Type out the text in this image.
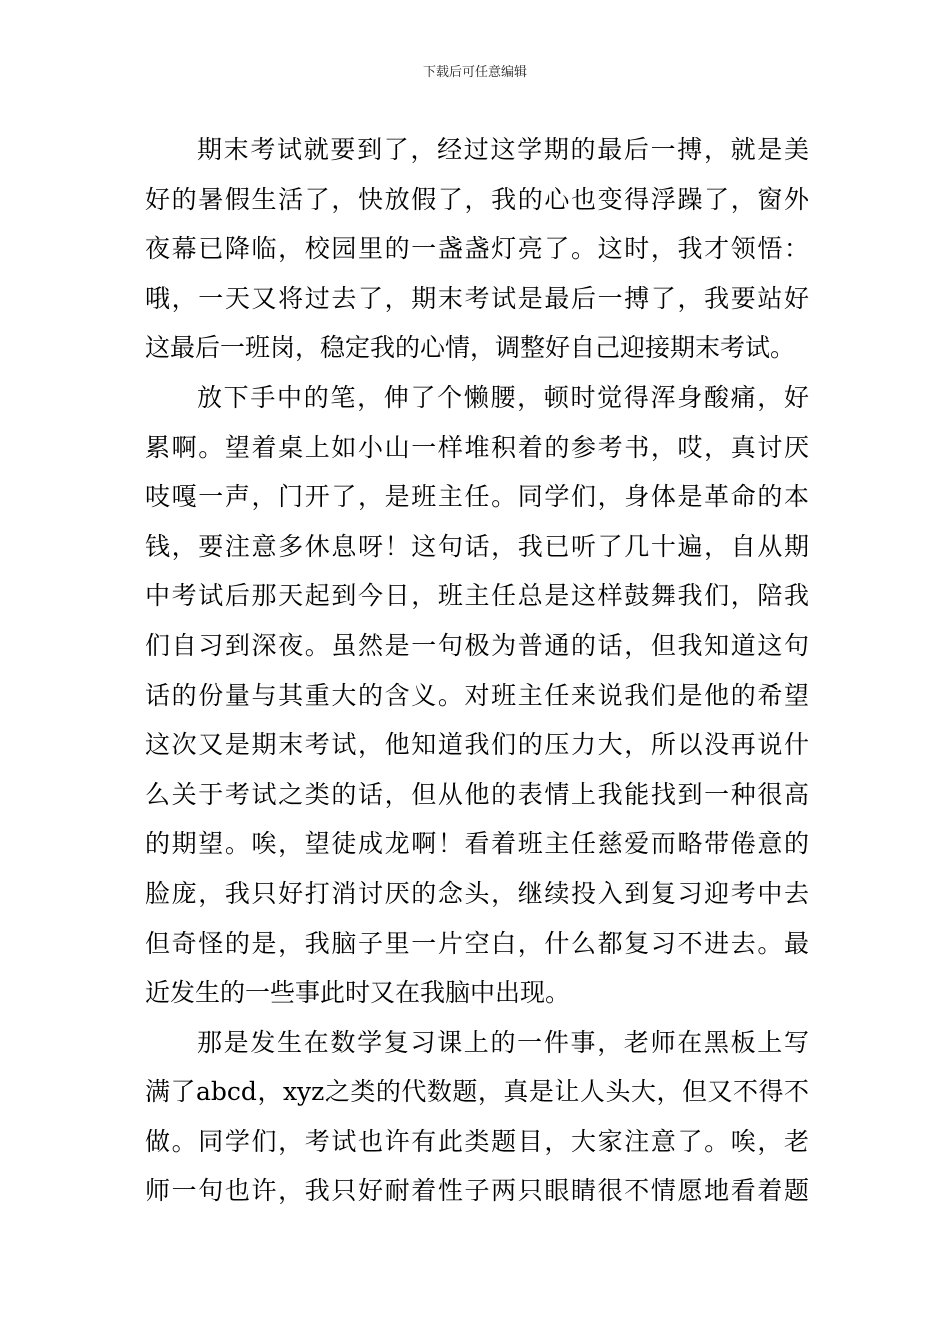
下载后可任意编辑
期末考试就要到了，经过这学期的最后一搏，就是美
好的暑假生活了，快放假了，我的心也变得浮躁了，窗外
夜幕已降临，校园里的一盏盏灯亮了。这时，我才领悟：
哦，一天又将过去了，期末考试是最后一搏了，我要站好
这最后一班岗，稳定我的心情，调整好自己迎接期末考试。
放下手中的笔，伸了个懒腰，顿时觉得浑身酸痛，好
累啊。望着桌上如小山一样堆积着的参考书，哎，真讨厌
吱嘎一声，门开了，是班主任。同学们，身体是革命的本
钱，要注意多休息呀！这句话，我已听了几十遍，自从期
中考试后那天起到今日，班主任总是这样鼓舞我们，陪我
们自习到深夜。虽然是一句极为普通的话，但我知道这句
话的份量与其重大的含义。对班主任来说我们是他的希望
这次又是期末考试，他知道我们的压力大，所以没再说什
么关于考试之类的话，但从他的表情上我能找到一种很高
的期望。唉，望徒成龙啊！看着班主任慈爱而略带倦意的
脸庞，我只好打消讨厌的念头，继续投入到复习迎考中去
但奇怪的是，我脑子里一片空白，什么都复习不进去。最
近发生的一些事此时又在我脑中出现。
那是发生在数学复习课上的一件事，老师在黑板上写
满了abcd，xyz之类的代数题，真是让人头大，但又不得不
做。同学们，考试也许有此类题目，大家注意了。唉，老
师一句也许，我只好耐着性子两只眼睛很不情愿地看着题
